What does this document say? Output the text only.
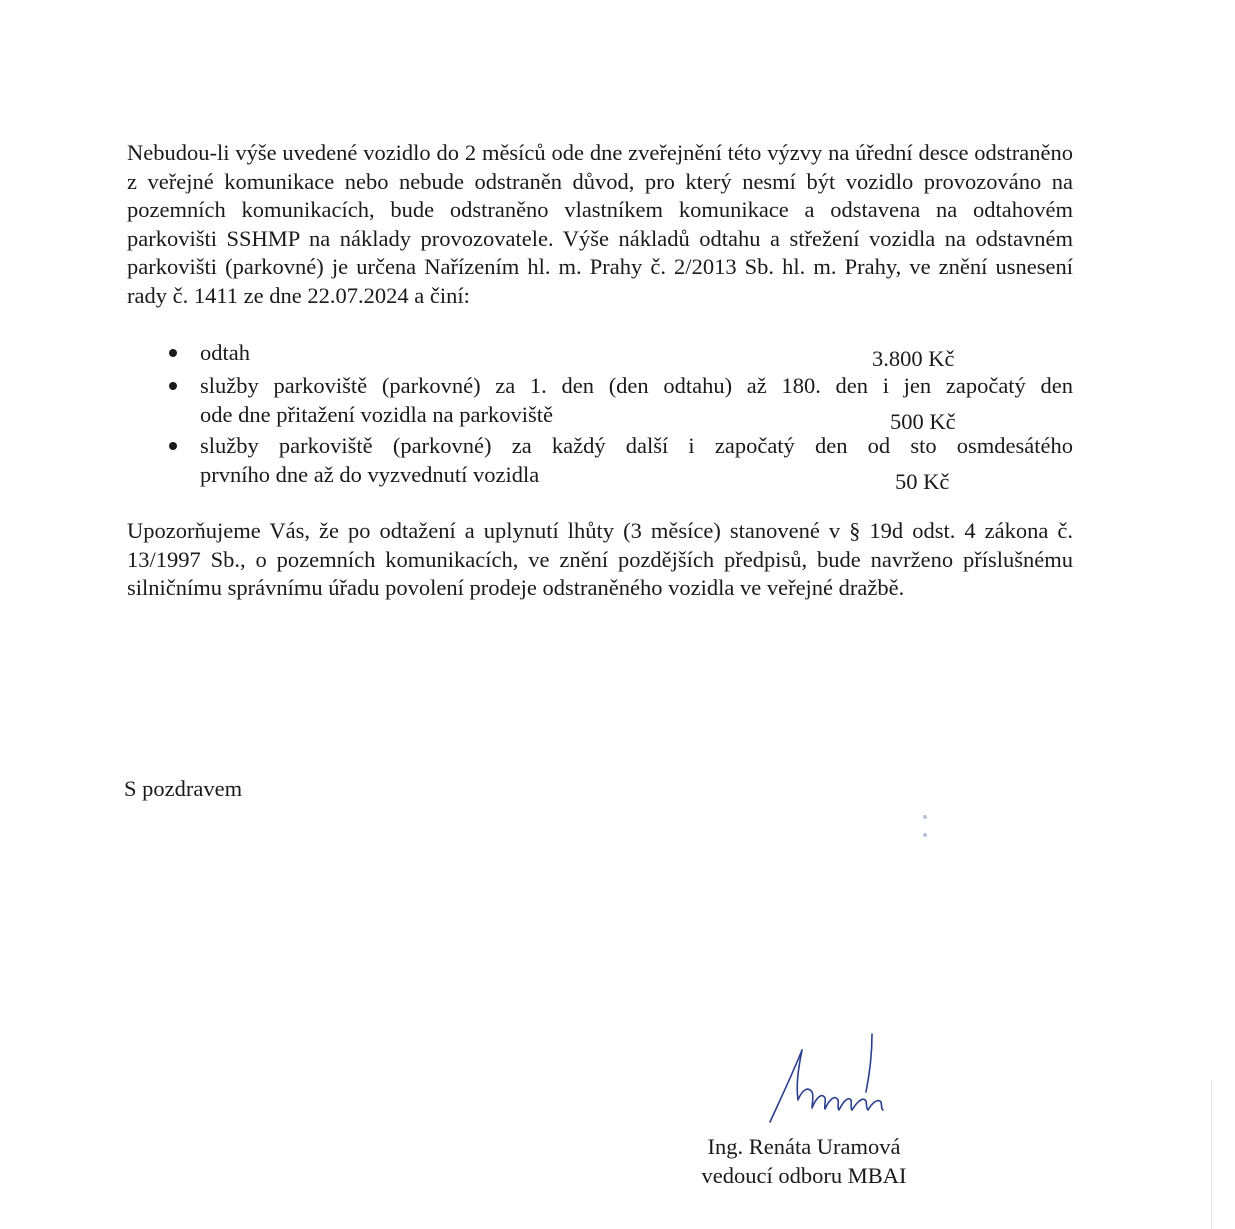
Nebudou-li výše uvedené vozidlo do 2 měsíců ode dne zveřejnění této výzvy na úřední desce odstraněno z veřejné komunikace nebo nebude odstraněn důvod, pro který nesmí být vozidlo provozováno na pozemních komunikacích, bude odstraněno vlastníkem komunikace a odstavena na odtahovém parkovišti SSHMP na náklady provozovatele. Výše nákladů odtahu a střežení vozidla na odstavném parkovišti (parkovné) je určena Nařízením hl. m. Prahy č. 2/2013 Sb. hl. m. Prahy, ve znění usnesení rady č. 1411 ze dne 22.07.2024 a činí:

odtah	3.800 Kč
služby parkoviště (parkovné) za 1. den (den odtahu) až 180. den i jen započatý den
ode dne přitažení vozidla na parkoviště	500 Kč
služby parkoviště (parkovné) za každý další i započatý den od sto osmdesátého
prvního dne až do vyzvednutí vozidla	50 Kč

Upozorňujeme Vás, že po odtažení a uplynutí lhůty (3 měsíce) stanovené v § 19d odst. 4 zákona č. 13/1997 Sb., o pozemních komunikacích, ve znění pozdějších předpisů, bude navrženo příslušnému silničnímu správnímu úřadu povolení prodeje odstraněného vozidla ve veřejné dražbě.

S pozdravem
Ing. Renáta Uramová
vedoucí odboru MBAI
